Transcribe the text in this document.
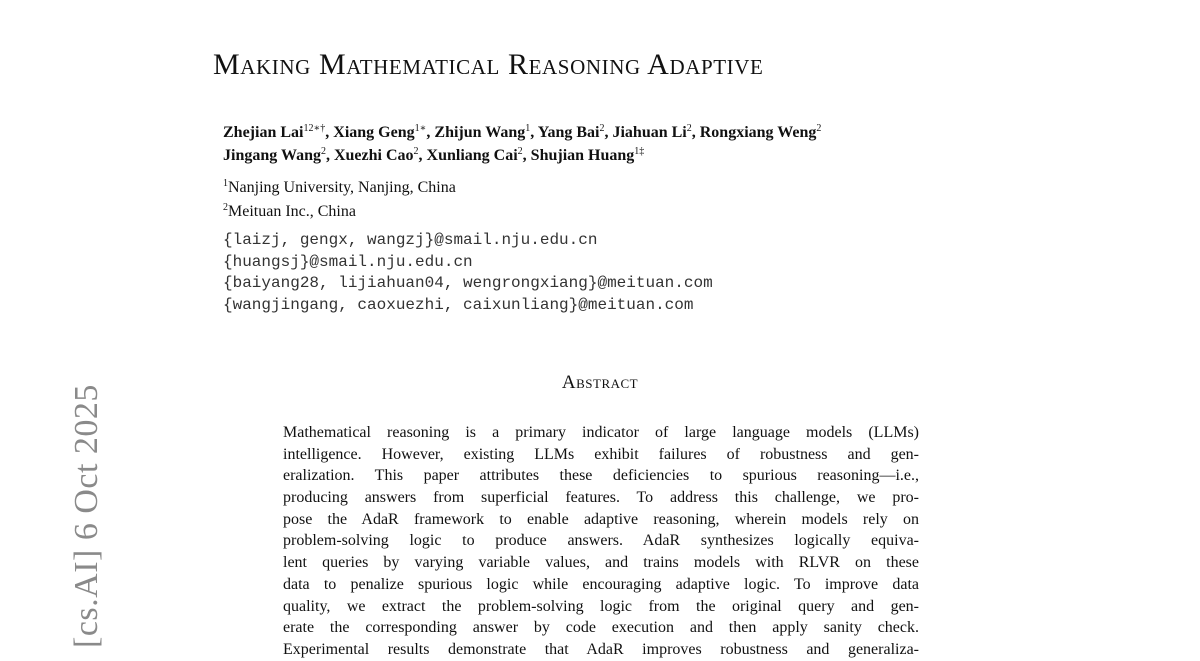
[cs.AI] 6 Oct 2025
Making Mathematical Reasoning Adaptive
Zhejian Lai$^{12∗\dagger}$, Xiang Geng$^{1∗}$, Zhijun Wang$^1$, Yang Bai$^2$, Jiahuan Li$^2$, Rongxiang Weng$^2$
Jingang Wang$^2$, Xuezhi Cao$^2$, Xunliang Cai$^2$, Shujian Huang$^{1\ddagger}$
$^1$Nanjing University, Nanjing, China
$^2$Meituan Inc., China
{laizj, gengx, wangzj}@smail.nju.edu.cn
{huangsj}@smail.nju.edu.cn
{baiyang28, lijiahuan04, wengrongxiang}@meituan.com
{wangjingang, caoxuezhi, caixunliang}@meituan.com
Abstract
Mathematical reasoning is a primary indicator of large language models (LLMs)
intelligence. However, existing LLMs exhibit failures of robustness and gen-
eralization. This paper attributes these deficiencies to spurious reasoning—i.e.,
producing answers from superficial features. To address this challenge, we pro-
pose the AdaR framework to enable adaptive reasoning, wherein models rely on
problem-solving logic to produce answers. AdaR synthesizes logically equiva-
lent queries by varying variable values, and trains models with RLVR on these
data to penalize spurious logic while encouraging adaptive logic. To improve data
quality, we extract the problem-solving logic from the original query and gen-
erate the corresponding answer by code execution and then apply sanity check.
Experimental results demonstrate that AdaR improves robustness and generaliza-
